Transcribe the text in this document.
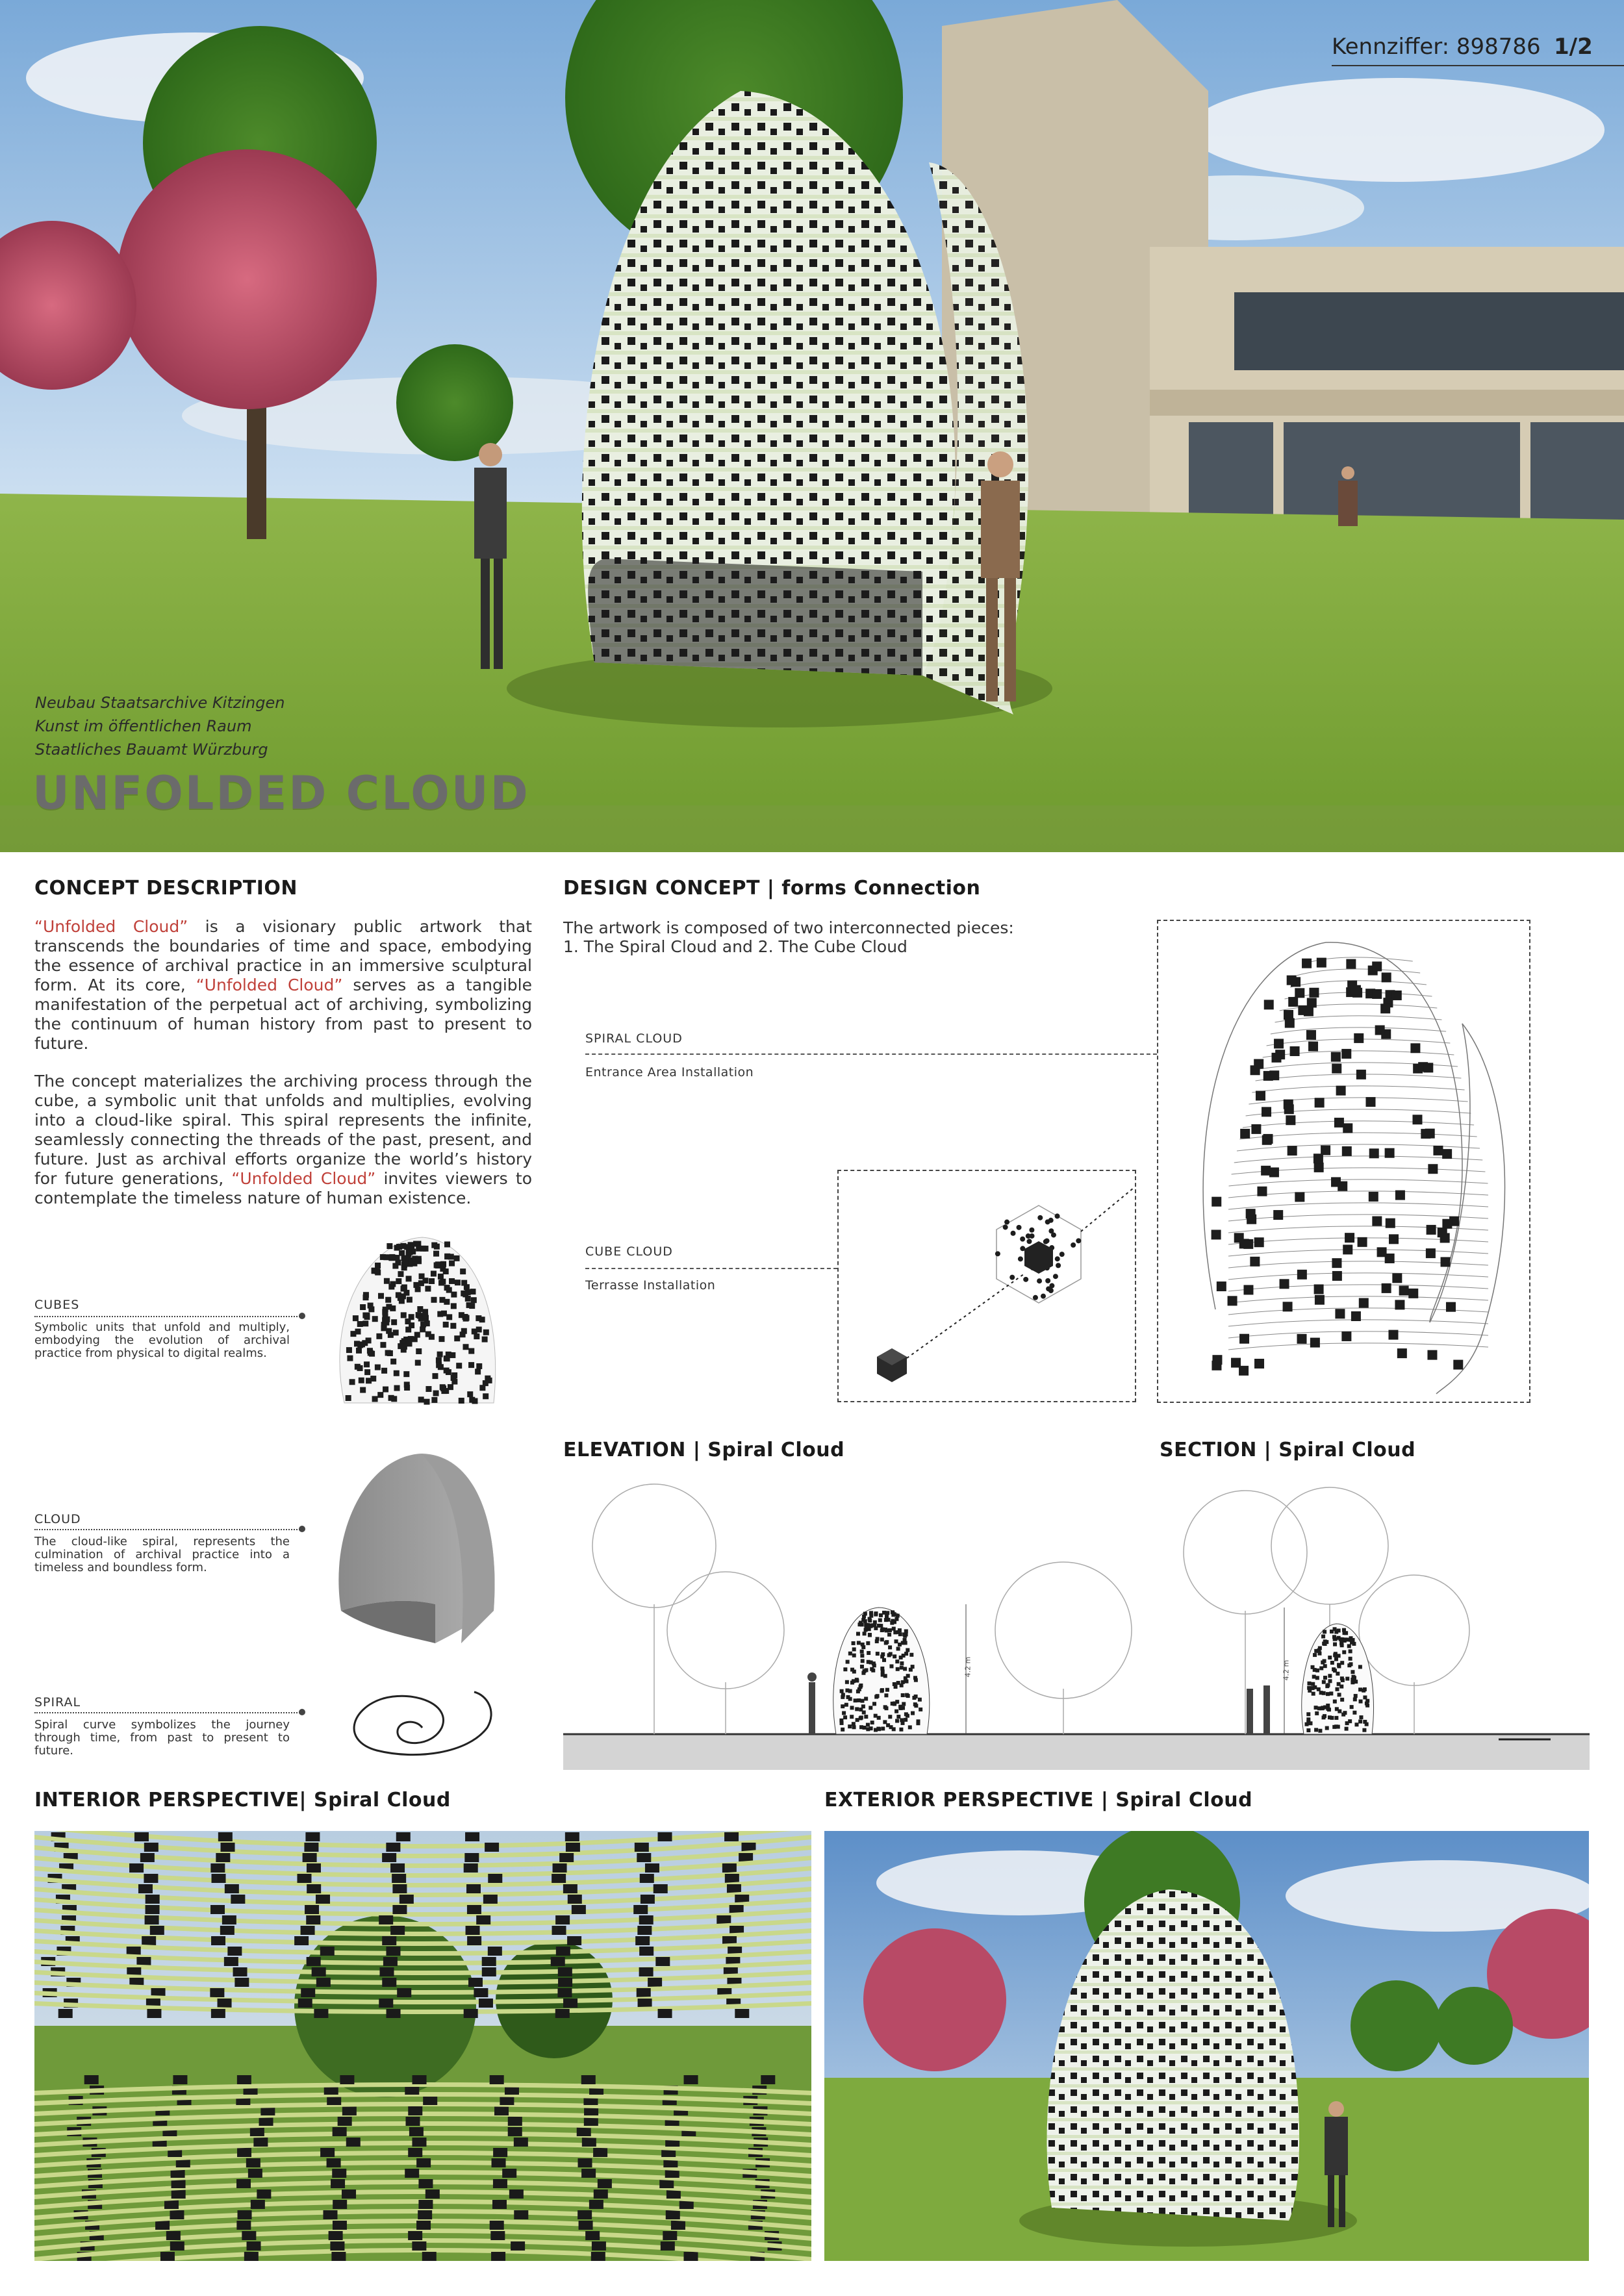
Kennziffer: 898786 1/2
Neubau Staatsarchive Kitzingen
Kunst im öffentlichen Raum
Staatliches Bauamt Würzburg
UNFOLDED CLOUD
CONCEPT DESCRIPTION
“Unfolded Cloud” is a visionary public artwork that transcends the boundaries of time and space, embodying the essence of archival practice in an immersive sculptural form. At its core, “Unfolded Cloud” serves as a tangible manifestation of the perpetual act of archiving, symbolizing the continuum of human history from past to present to future.
The concept materializes the archiving process through the cube, a symbolic unit that unfolds and multiplies, evolving into a cloud-like spiral. This spiral represents the infinite, seamlessly connecting the threads of the past, present, and future. Just as archival efforts organize the world’s history for future generations, “Unfolded Cloud” invites viewers to contemplate the timeless nature of human existence.
CUBES
Symbolic units that unfold and multiply, embodying the evolution of archival practice from physical to digital realms.
CLOUD
The cloud-like spiral, represents the culmination of archival practice into a timeless and boundless form.
SPIRAL
Spiral curve symbolizes the journey through time, from past to present to future.
DESIGN CONCEPT | forms Connection
The artwork is composed of two interconnected pieces:
1. The Spiral Cloud and 2. The Cube Cloud
SPIRAL CLOUD
Entrance Area Installation
CUBE CLOUD
Terrasse Installation
ELEVATION | Spiral Cloud	SECTION | Spiral Cloud
4.2 m	4.2 m
INTERIOR PERSPECTIVE| Spiral Cloud	EXTERIOR PERSPECTIVE | Spiral Cloud
